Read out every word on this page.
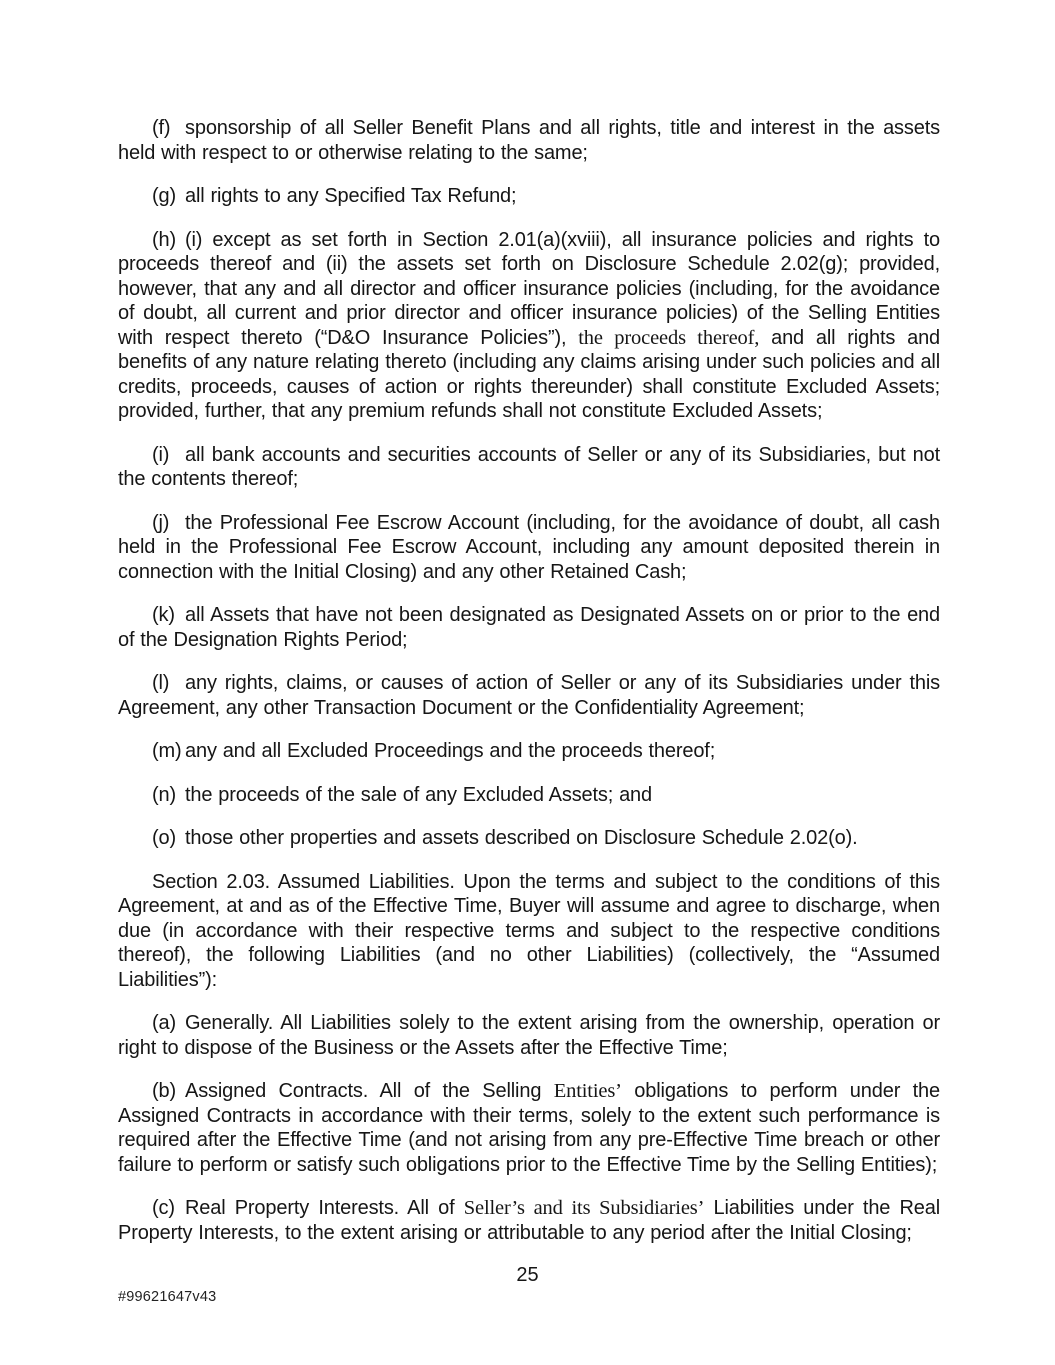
(f) sponsorship of all Seller Benefit Plans and all rights, title and interest in the assets held with respect to or otherwise relating to the same;

(g) all rights to any Specified Tax Refund;

(h) (i) except as set forth in Section 2.01(a)(xviii), all insurance policies and rights to proceeds thereof and (ii) the assets set forth on Disclosure Schedule 2.02(g); provided, however, that any and all director and officer insurance policies (including, for the avoidance of doubt, all current and prior director and officer insurance policies) of the Selling Entities with respect thereto (“D&O Insurance Policies”), the proceeds thereof, and all rights and benefits of any nature relating thereto (including any claims arising under such policies and all credits, proceeds, causes of action or rights thereunder) shall constitute Excluded Assets; provided, further, that any premium refunds shall not constitute Excluded Assets;

(i) all bank accounts and securities accounts of Seller or any of its Subsidiaries, but not the contents thereof;

(j) the Professional Fee Escrow Account (including, for the avoidance of doubt, all cash held in the Professional Fee Escrow Account, including any amount deposited therein in connection with the Initial Closing) and any other Retained Cash;

(k) all Assets that have not been designated as Designated Assets on or prior to the end of the Designation Rights Period;

(l) any rights, claims, or causes of action of Seller or any of its Subsidiaries under this Agreement, any other Transaction Document or the Confidentiality Agreement;

(m) any and all Excluded Proceedings and the proceeds thereof;

(n) the proceeds of the sale of any Excluded Assets; and

(o) those other properties and assets described on Disclosure Schedule 2.02(o).

Section 2.03. Assumed Liabilities. Upon the terms and subject to the conditions of this Agreement, at and as of the Effective Time, Buyer will assume and agree to discharge, when due (in accordance with their respective terms and subject to the respective conditions thereof), the following Liabilities (and no other Liabilities) (collectively, the “Assumed Liabilities”):

(a) Generally. All Liabilities solely to the extent arising from the ownership, operation or right to dispose of the Business or the Assets after the Effective Time;

(b) Assigned Contracts. All of the Selling Entities’ obligations to perform under the Assigned Contracts in accordance with their terms, solely to the extent such performance is required after the Effective Time (and not arising from any pre-Effective Time breach or other failure to perform or satisfy such obligations prior to the Effective Time by the Selling Entities);

(c) Real Property Interests. All of Seller’s and its Subsidiaries’ Liabilities under the Real Property Interests, to the extent arising or attributable to any period after the Initial Closing;

25
#99621647v43
